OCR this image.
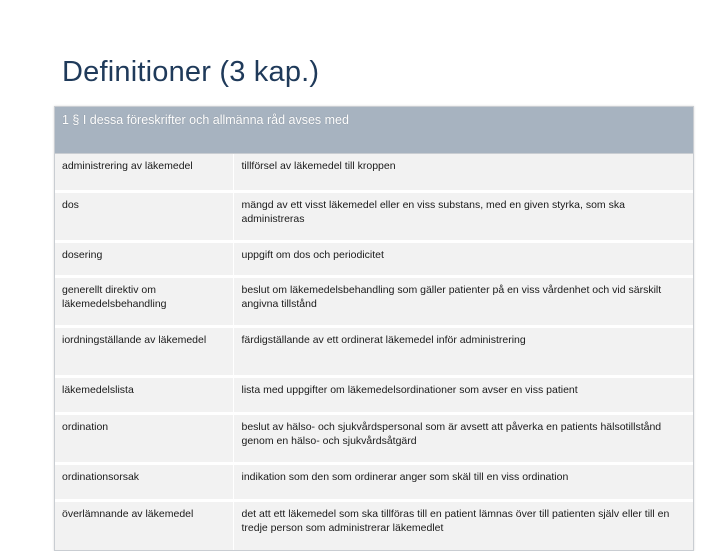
Definitioner (3 kap.)
1 § I dessa föreskrifter och allmänna råd avses med	
administrering av läkemedel	tillförsel av läkemedel till kroppen
dos	mängd av ett visst läkemedel eller en viss substans, med en given styrka, som ska administreras
dosering	uppgift om dos och periodicitet
generellt direktiv om läkemedelsbehandling	beslut om läkemedelsbehandling som gäller patienter på en viss vårdenhet och vid särskilt angivna tillstånd
iordningställande av läkemedel	färdigställande av ett ordinerat läkemedel inför administrering
läkemedelslista	lista med uppgifter om läkemedelsordinationer som avser en viss patient
ordination	beslut av hälso- och sjukvårdspersonal som är avsett att påverka en patients hälsotillstånd genom en hälso- och sjukvårdsåtgärd
ordinationsorsak	indikation som den som ordinerar anger som skäl till en viss ordination
överlämnande av läkemedel	det att ett läkemedel som ska tillföras till en patient lämnas över till patienten själv eller till en tredje person som administrerar läkemedlet
